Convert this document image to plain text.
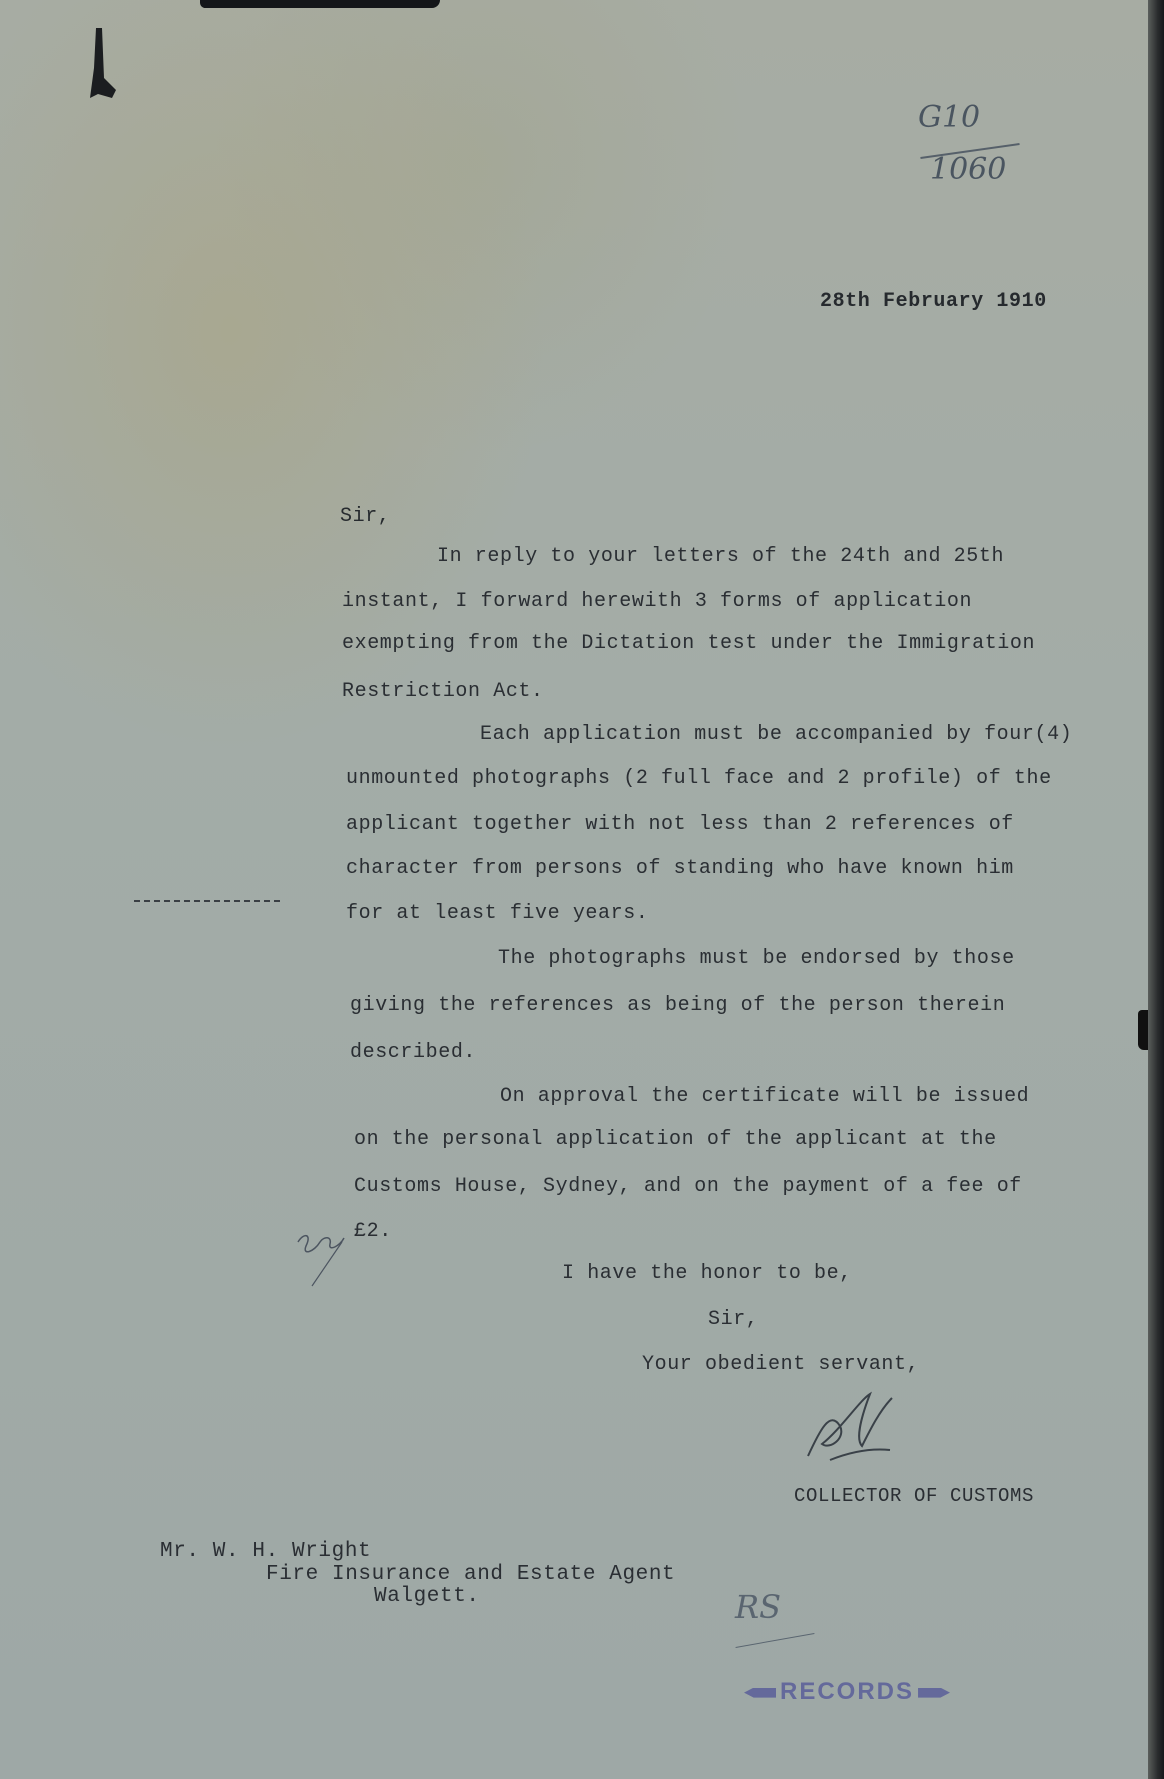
G10
1060
28th February 1910
Sir,
In reply to your letters of the 24th and 25th
instant, I forward herewith 3 forms of application
exempting from the Dictation test under the Immigration
Restriction Act.
Each application must be accompanied by four(4)
unmounted photographs (2 full face and 2 profile) of the
applicant together with not less than 2 references of
character from persons of standing who have known him
for at least five years.
The photographs must be endorsed by those
giving the references as being of the person therein
described.
On approval the certificate will be issued
on the personal application of the applicant at the
Customs House, Sydney, and on the payment of a fee of
£2.
I have the honor to be,
Sir,
Your obedient servant,
COLLECTOR OF CUSTOMS
Mr. W. H. Wright
Fire Insurance and Estate Agent
Walgett.	RS
RECORDS
